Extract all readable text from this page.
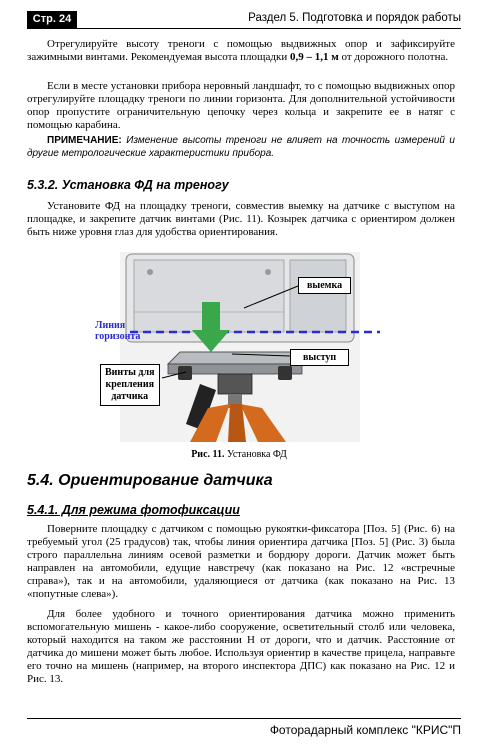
Стр. 24	Раздел 5. Подготовка и порядок работы
Отрегулируйте высоту треноги с помощью выдвижных опор и зафиксируйте зажимными винтами. Рекомендуемая высота площадки 0,9 – 1,1 м от дорожного полотна.
Если в месте установки прибора неровный ландшафт, то с помощью выдвижных опор отрегулируйте площадку треноги по линии горизонта. Для дополнительной устойчивости опор пропустите ограничительную цепочку через кольца и закрепите ее в натяг с помощью карабина.
ПРИМЕЧАНИЕ: Изменение высоты треноги не влияет на точность измерений и другие метрологические характеристики прибора.
5.3.2. Установка ФД на треногу
Установите ФД на площадку треноги, совместив выемку на датчике с выступом на площадке, и закрепите датчик винтами (Рис. 11). Козырек датчика с ориентиром должен быть ниже уровня глаз для удобства ориентирования.
выемка
Линия
горизонта
выступ
Винты для
крепления
датчика
Рис. 11. Установка ФД
5.4. Ориентирование датчика
5.4.1. Для режима фотофиксации
Поверните площадку с датчиком с помощью рукоятки-фиксатора [Поз. 5] (Рис. 6) на требуемый угол (25 градусов) так, чтобы линия ориентира датчика [Поз. 5] (Рис. 3) была строго параллельна линиям осевой разметки и бордюру дороги. Датчик может быть направлен на автомобили, едущие навстречу (как показано на Рис. 12 «встречные справа»), так и на автомобили, удаляющиеся от датчика (как показано на Рис. 13 «попутные слева»).
Для более удобного и точного ориентирования датчика можно применить вспомогательную мишень - какое-либо сооружение, осветительный столб или человека, который находится на таком же расстоянии Н от дороги, что и датчик. Расстояние от датчика до мишени может быть любое. Используя ориентир в качестве прицела, направьте его точно на мишень (например, на второго инспектора ДПС) как показано на Рис. 12 и Рис. 13.
Фоторадарный комплекс "КРИС"П
